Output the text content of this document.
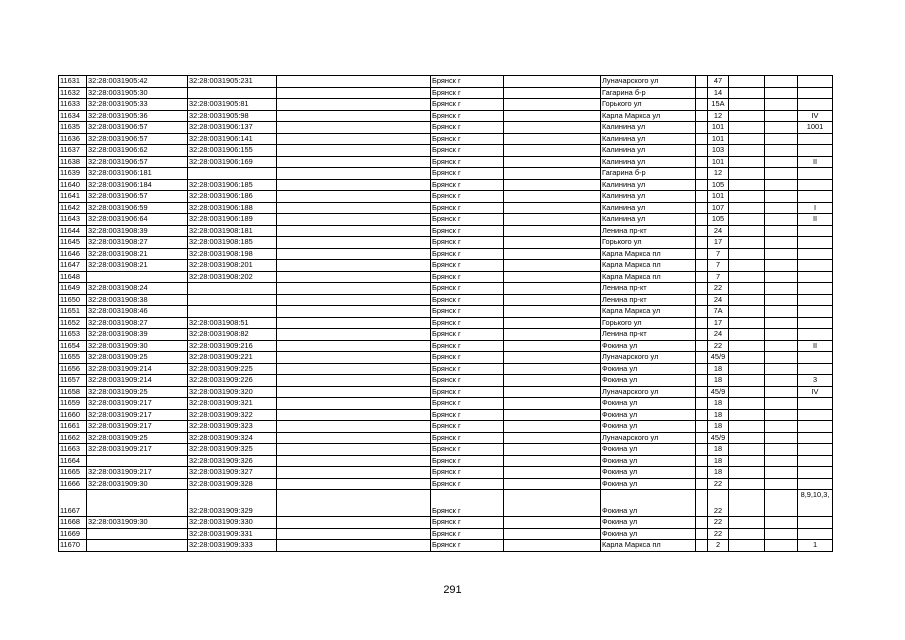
11631	32:28:0031905:42	32:28:0031905:231		Брянск г		Луначарского ул		47			
11632	32:28:0031905:30			Брянск г		Гагарина б-р		14			
11633	32:28:0031905:33	32:28:0031905:81		Брянск г		Горького ул		15А			
11634	32:28:0031905:36	32:28:0031905:98		Брянск г		Карла Маркса ул		12			IV
11635	32:28:0031906:57	32:28:0031906:137		Брянск г		Калинина ул		101			1001
11636	32:28:0031906:57	32:28:0031906:141		Брянск г		Калинина ул		101			
11637	32:28:0031906:62	32:28:0031906:155		Брянск г		Калинина ул		103			
11638	32:28:0031906:57	32:28:0031906:169		Брянск г		Калинина ул		101			II
11639	32:28:0031906:181			Брянск г		Гагарина б-р		12			
11640	32:28:0031906:184	32:28:0031906:185		Брянск г		Калинина ул		105			
11641	32:28:0031906:57	32:28:0031906:186		Брянск г		Калинина ул		101			
11642	32:28:0031906:59	32:28:0031906:188		Брянск г		Калинина ул		107			I
11643	32:28:0031906:64	32:28:0031906:189		Брянск г		Калинина ул		105			II
11644	32:28:0031908:39	32:28:0031908:181		Брянск г		Ленина пр-кт		24			
11645	32:28:0031908:27	32:28:0031908:185		Брянск г		Горького ул		17			
11646	32:28:0031908:21	32:28:0031908:198		Брянск г		Карла Маркса пл		7			
11647	32:28:0031908:21	32:28:0031908:201		Брянск г		Карла Маркса пл		7			
11648		32:28:0031908:202		Брянск г		Карла Маркса пл		7			
11649	32:28:0031908:24			Брянск г		Ленина пр-кт		22			
11650	32:28:0031908:38			Брянск г		Ленина пр-кт		24			
11651	32:28:0031908:46			Брянск г		Карла Маркса ул		7А			
11652	32:28:0031908:27	32:28:0031908:51		Брянск г		Горького ул		17			
11653	32:28:0031908:39	32:28:0031908:82		Брянск г		Ленина пр-кт		24			
11654	32:28:0031909:30	32:28:0031909:216		Брянск г		Фокина ул		22			II
11655	32:28:0031909:25	32:28:0031909:221		Брянск г		Луначарского ул		45/9			
11656	32:28:0031909:214	32:28:0031909:225		Брянск г		Фокина ул		18			
11657	32:28:0031909:214	32:28:0031909:226		Брянск г		Фокина ул		18			3
11658	32:28:0031909:25	32:28:0031909:320		Брянск г		Луначарского ул		45/9			IV
11659	32:28:0031909:217	32:28:0031909:321		Брянск г		Фокина ул		18			
11660	32:28:0031909:217	32:28:0031909:322		Брянск г		Фокина ул		18			
11661	32:28:0031909:217	32:28:0031909:323		Брянск г		Фокина ул		18			
11662	32:28:0031909:25	32:28:0031909:324		Брянск г		Луначарского ул		45/9			
11663	32:28:0031909:217	32:28:0031909:325		Брянск г		Фокина ул		18			
11664		32:28:0031909:326		Брянск г		Фокина ул		18			
11665	32:28:0031909:217	32:28:0031909:327		Брянск г		Фокина ул		18			
11666	32:28:0031909:30	32:28:0031909:328		Брянск г		Фокина ул		22			
11667		32:28:0031909:329		Брянск г		Фокина ул		22			8,9,10,3,
11668	32:28:0031909:30	32:28:0031909:330		Брянск г		Фокина ул		22			
11669		32:28:0031909:331		Брянск г		Фокина ул		22			
11670		32:28:0031909:333		Брянск г		Карла Маркса пл		2			1
291
